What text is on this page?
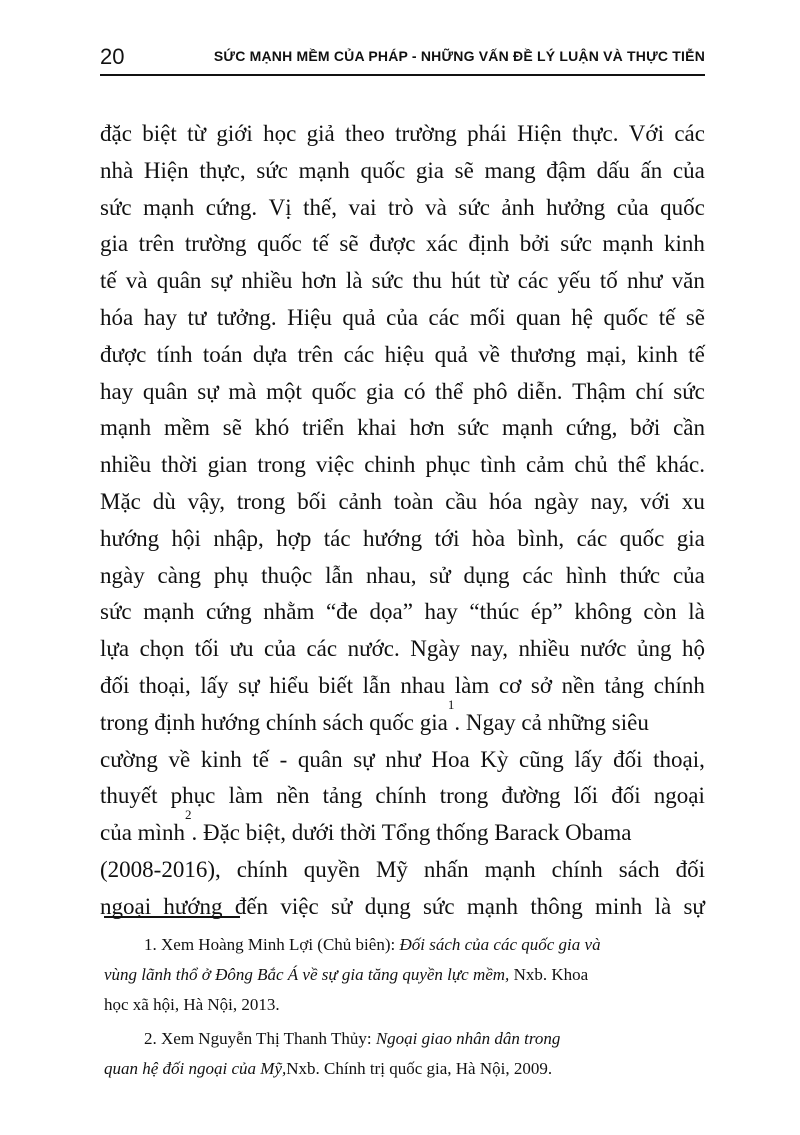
20	SỨC MẠNH MỀM CỦA PHÁP - NHỮNG VẤN ĐỀ LÝ LUẬN VÀ THỰC TIỄN
đặc biệt từ giới học giả theo trường phái Hiện thực. Với các
nhà Hiện thực, sức mạnh quốc gia sẽ mang đậm dấu ấn của
sức mạnh cứng. Vị thế, vai trò và sức ảnh hưởng của quốc
gia trên trường quốc tế sẽ được xác định bởi sức mạnh kinh
tế và quân sự nhiều hơn là sức thu hút từ các yếu tố như văn
hóa hay tư tưởng. Hiệu quả của các mối quan hệ quốc tế sẽ
được tính toán dựa trên các hiệu quả về thương mại, kinh tế
hay quân sự mà một quốc gia có thể phô diễn. Thậm chí sức
mạnh mềm sẽ khó triển khai hơn sức mạnh cứng, bởi cần
nhiều thời gian trong việc chinh phục tình cảm chủ thể khác.
Mặc dù vậy, trong bối cảnh toàn cầu hóa ngày nay, với xu
hướng hội nhập, hợp tác hướng tới hòa bình, các quốc gia
ngày càng phụ thuộc lẫn nhau, sử dụng các hình thức của
sức mạnh cứng nhằm “đe dọa” hay “thúc ép” không còn là
lựa chọn tối ưu của các nước. Ngày nay, nhiều nước ủng hộ
đối thoại, lấy sự hiểu biết lẫn nhau làm cơ sở nền tảng chính
trong định hướng chính sách quốc gia
1
. Ngay cả những siêu
cường về kinh tế - quân sự như Hoa Kỳ cũng lấy đối thoại,
thuyết phục làm nền tảng chính trong đường lối đối ngoại
của mình
2
. Đặc biệt, dưới thời Tổng thống Barack Obama
(2008-2016), chính quyền Mỹ nhấn mạnh chính sách đối
ngoại hướng đến việc sử dụng sức mạnh thông minh là sự
1. Xem Hoàng Minh Lợi (Chủ biên): Đối sách của các quốc gia và
vùng lãnh thổ ở Đông Bắc Á về sự gia tăng quyền lực mềm, Nxb. Khoa
học xã hội, Hà Nội, 2013.
2. Xem Nguyễn Thị Thanh Thủy: Ngoại giao nhân dân trong
quan hệ đối ngoại của Mỹ, Nxb. Chính trị quốc gia, Hà Nội, 2009.
